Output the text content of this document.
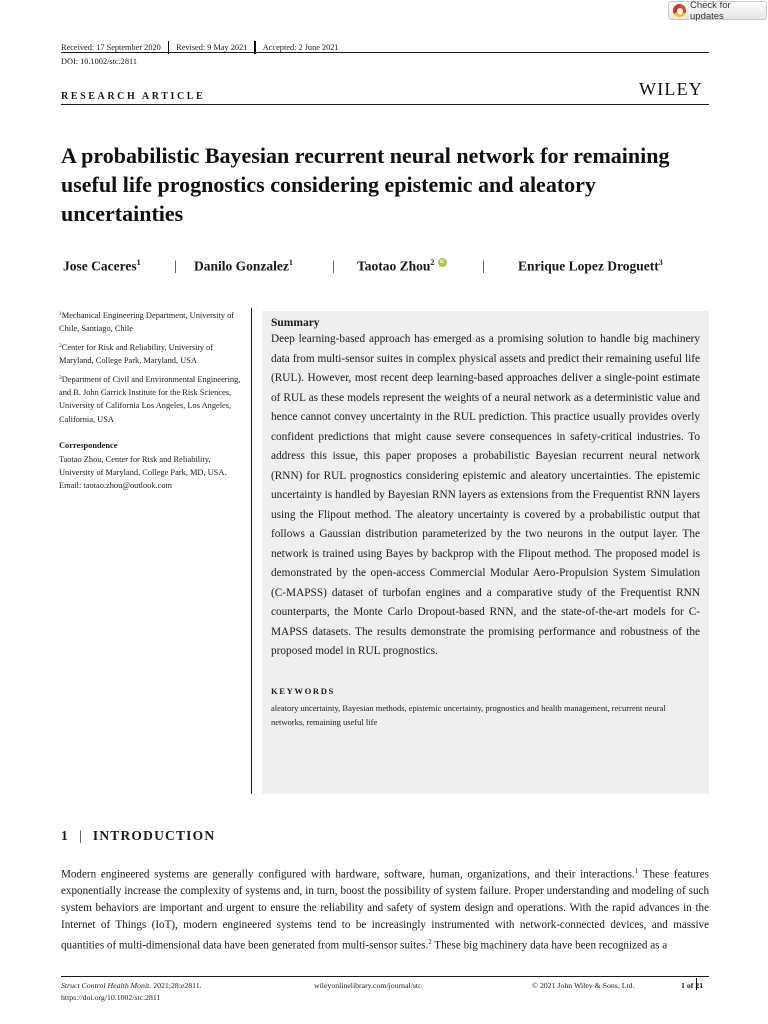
Check for updates
Received: 17 September 2020 Revised: 9 May 2021 Accepted: 2 June 2021
DOI: 10.1002/stc.2811
WILEY
RESEARCH ARTICLE
A probabilistic Bayesian recurrent neural network for remaining useful life prognostics considering epistemic and aleatory uncertainties
Jose Caceres$^1$ | Danilo Gonzalez$^1$	| Taotao Zhou$^2$
iD	| Enrique Lopez Droguett$^3$

$^1$Mechanical Engineering Department, University of Chile, Santiago, Chile

$^2$Center for Risk and Reliability, University of Maryland, College Park, Maryland, USA

$^3$Department of Civil and Environmental Engineering, and B. John Garrick Institute for the Risk Sciences, University of California Los Angeles, Los Angeles, California, USA

Correspondence
Taotao Zhou, Center for Risk and Reliability, University of Maryland, College Park, MD, USA.
Email: taotao.zhou@outlook.com
Summary
Deep learning-based approach has emerged as a promising solution to handle big machinery data from multi-sensor suites in complex physical assets and predict their remaining useful life (RUL). However, most recent deep learning-based approaches deliver a single-point estimate of RUL as these models represent the weights of a neural network as a deterministic value and hence cannot convey uncertainty in the RUL prediction. This practice usually provides overly confident predictions that might cause severe consequences in safety-critical industries. To address this issue, this paper proposes a probabilistic Bayesian recurrent neural network (RNN) for RUL prognostics considering epistemic and aleatory uncertainties. The epistemic uncertainty is handled by Bayesian RNN layers as extensions from the Frequentist RNN layers using the Flipout method. The aleatory uncertainty is covered by a probabilistic output that follows a Gaussian distribution parameterized by the two neurons in the output layer. The network is trained using Bayes by backprop with the Flipout method. The proposed model is demonstrated by the open-access Commercial Modular Aero-Propulsion System Simulation (C-MAPSS) dataset of turbofan engines and a comparative study of the Frequentist RNN counterparts, the Monte Carlo Dropout-based RNN, and the state-of-the-art models for C-MAPSS datasets. The results demonstrate the promising performance and robustness of the proposed model in RUL prognostics.
KEYWORDS
aleatory uncertainty, Bayesian methods, epistemic uncertainty, prognostics and health management, recurrent neural networks, remaining useful life
1 | INTRODUCTION
Modern engineered systems are generally configured with hardware, software, human, organizations, and their interactions.$^1$ These features exponentially increase the complexity of systems and, in turn, boost the possibility of system failure. Proper understanding and modeling of such system behaviors are important and urgent to ensure the reliability and safety of system design and operations. With the rapid advances in the Internet of Things (IoT), modern engineered systems tend to be increasingly instrumented with network-connected devices, and massive quantities of multi-dimensional data have been generated from multi-sensor suites.$^2$ These big machinery data have been recognized as a
Struct Control Health Monit. 2021;28:e2811.
https://doi.org/10.1002/stc.2811
wileyonlinelibrary.com/journal/stc	© 2021 John Wiley & Sons, Ltd.	1 of 21
